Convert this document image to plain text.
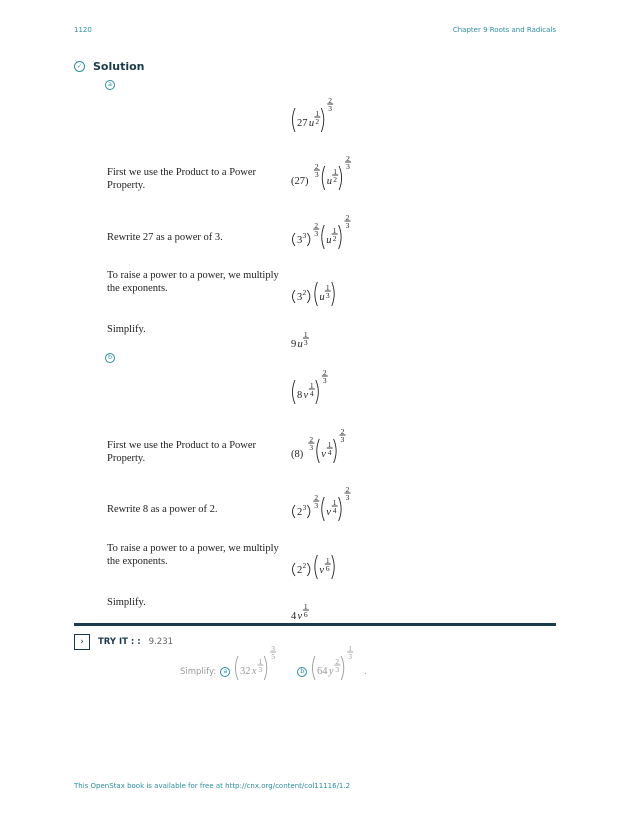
1120	Chapter 9 Roots and Radicals
✓ Solution
a
First we use the Product to a Power Property.
Rewrite 27 as a power of 3.
To raise a power to a power, we multiply the exponents.
Simplify.
27 u
1
2
2
3
(27)
2
3
u
1
2
2
3
3 3
2
3
u
1
2
2
3
3 2 u
1
3
9 u
1
3
b
First we use the Product to a Power Property.
Rewrite 8 as a power of 2.
To raise a power to a power, we multiply the exponents.
Simplify.
8 v
1
4
2
3
(8)
2
3
v
1
4
2
3
2 3
2
3
v
1
4
2
3
2 2 v
1
6
4 v
1
6
›	TRY IT : : 9.231
Simplify:	a	32 x
1
3
3
5
b 64 y
2
3
1
3
.
This OpenStax book is available for free at http://cnx.org/content/col11116/1.2
